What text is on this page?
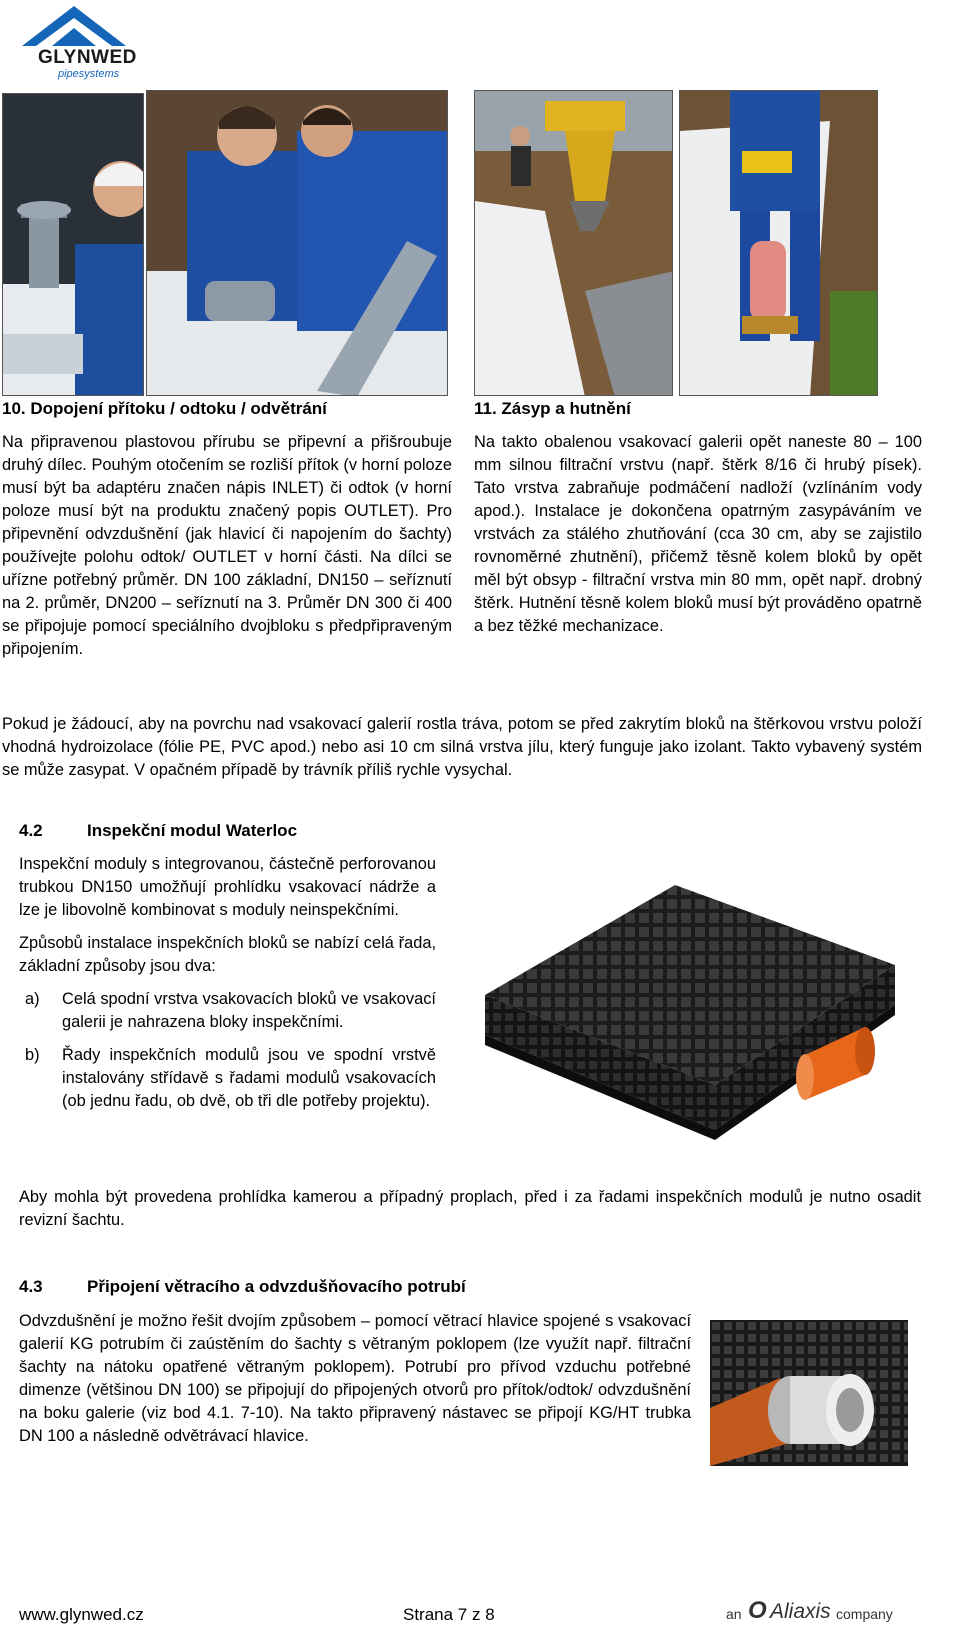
GLYNWED
pipesystems
10. Dopojení přítoku / odtoku / odvětrání

Na připravenou plastovou přírubu se připevní a přišroubuje druhý dílec. Pouhým otočením se rozliší přítok (v horní poloze musí být ba adaptéru značen nápis INLET) či odtok (v horní poloze musí být na produktu značený popis OUTLET). Pro připevnění odvzdušnění (jak hlavicí či napojením do šachty) používejte polohu odtok/ OUTLET v horní části. Na dílci se uřízne potřebný průměr. DN 100 základní, DN150 – seříznutí na 2. průměr, DN200 – seříznutí na 3. Průměr DN 300 či 400 se připojuje pomocí speciálního dvojbloku s předpřipraveným připojením.

11. Zásyp a hutnění

Na takto obalenou vsakovací galerii opět naneste 80 – 100 mm silnou filtrační vrstvu (např. štěrk 8/16 či hrubý písek). Tato vrstva zabraňuje podmáčení nadloží (vzlínáním vody apod.). Instalace je dokončena opatrným zasypáváním ve vrstvách za stálého zhutňování (cca 30 cm, aby se zajistilo rovnoměrné zhutnění), přičemž těsně kolem bloků by opět měl být obsyp - filtrační vrstva min 80 mm, opět např. drobný štěrk. Hutnění těsně kolem bloků musí být prováděno opatrně a bez těžké mechanizace.

Pokud je žádoucí, aby na povrchu nad vsakovací galerií rostla tráva, potom se před zakrytím bloků na štěrkovou vrstvu položí vhodná hydroizolace (fólie PE, PVC apod.) nebo asi 10 cm silná vrstva jílu, který funguje jako izolant. Takto vybavený systém se může zasypat. V opačném případě by trávník příliš rychle vysychal.

4.2	Inspekční modul Waterloc

Inspekční moduly s integrovanou, částečně perforovanou trubkou DN150 umožňují prohlídku vsakovací nádrže a lze je libovolně kombinovat s moduly neinspekčními.

Způsobů instalace inspekčních bloků se nabízí celá řada, základní způsoby jsou dva:

a) Celá spodní vrstva vsakovacích bloků ve vsakovací galerii je nahrazena bloky inspekčními.
b) Řady inspekčních modulů jsou ve spodní vrstvě instalovány střídavě s řadami modulů vsakovacích (ob jednu řadu, ob dvě, ob tři dle potřeby projektu).

Aby mohla být provedena prohlídka kamerou a případný proplach, před i za řadami inspekčních modulů je nutno osadit revizní šachtu.

4.3	Připojení větracího a odvzdušňovacího potrubí

Odvzdušnění je možno řešit dvojím způsobem – pomocí větrací hlavice spojené s vsakovací galerií KG potrubím či zaústěním do šachty s větraným poklopem (lze využít např. filtrační šachty na nátoku opatřené větraným poklopem). Potrubí pro přívod vzduchu potřebné dimenze (většinou DN 100) se připojují do připojených otvorů pro přítok/odtok/ odvzdušnění na boku galerie (viz bod 4.1. 7-10). Na takto připravený nástavec se připojí KG/HT trubka DN 100 a následně odvětrávací hlavice.

www.glynwed.cz	Strana 7 z 8	an O Aliaxis company
